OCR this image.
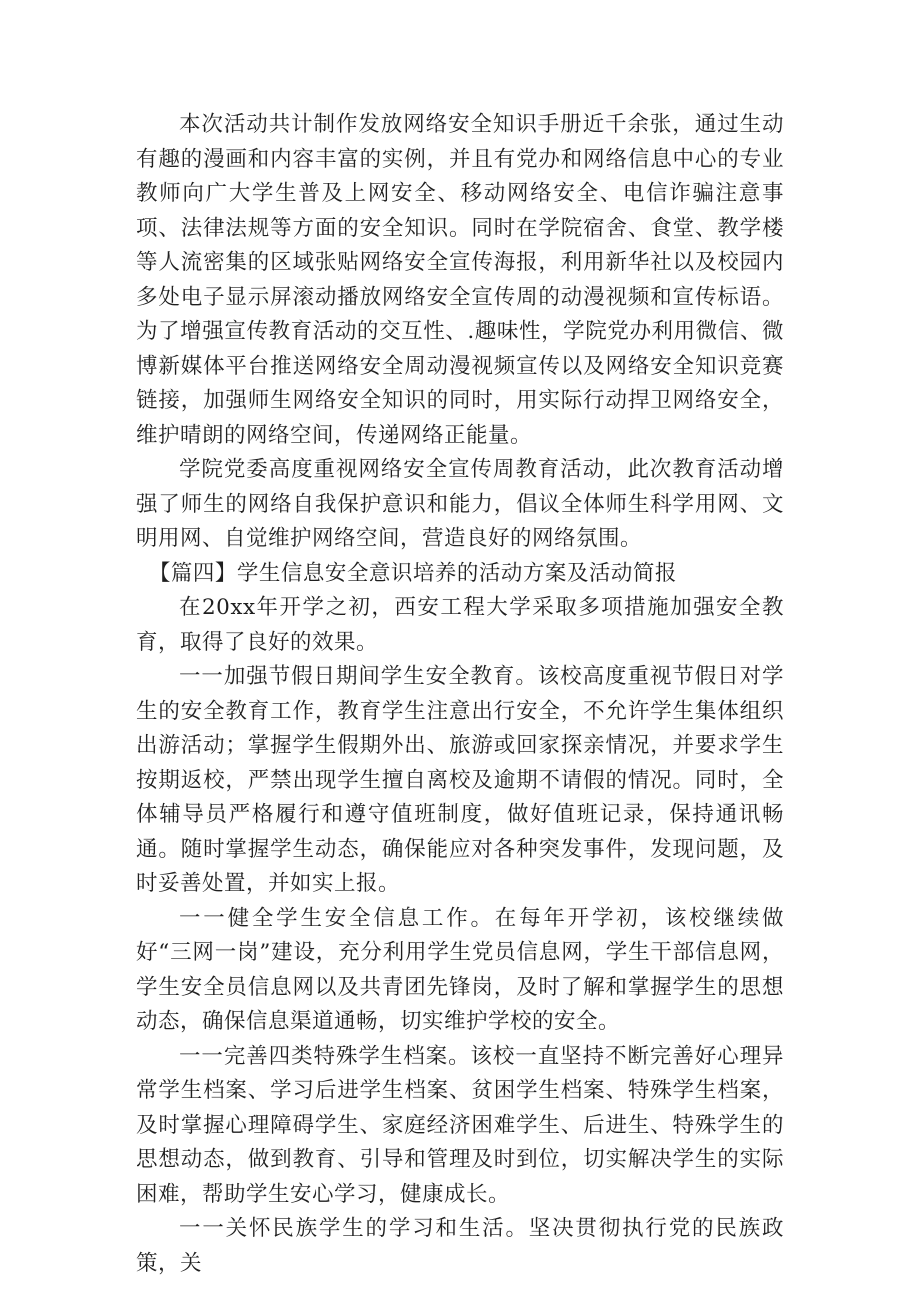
本次活动共计制作发放网络安全知识手册近千余张，通过生动有趣的漫画和内容丰富的实例，并且有党办和网络信息中心的专业教师向广大学生普及上网安全、移动网络安全、电信诈骗注意事项、法律法规等方面的安全知识。同时在学院宿舍、食堂、教学楼等人流密集的区域张贴网络安全宣传海报，利用新华社以及校园内多处电子显示屏滚动播放网络安全宣传周的动漫视频和宣传标语。为了增强宣传教育活动的交互性、.趣味性，学院党办利用微信、微博新媒体平台推送网络安全周动漫视频宣传以及网络安全知识竞赛链接，加强师生网络安全知识的同时，用实际行动捍卫网络安全，维护晴朗的网络空间，传递网络正能量。

学院党委高度重视网络安全宣传周教育活动，此次教育活动增强了师生的网络自我保护意识和能力，倡议全体师生科学用网、文明用网、自觉维护网络空间，营造良好的网络氛围。

【篇四】学生信息安全意识培养的活动方案及活动简报

在20xx年开学之初，西安工程大学采取多项措施加强安全教育，取得了良好的效果。

一一加强节假日期间学生安全教育。该校高度重视节假日对学生的安全教育工作，教育学生注意出行安全，不允许学生集体组织出游活动；掌握学生假期外出、旅游或回家探亲情况，并要求学生按期返校，严禁出现学生擅自离校及逾期不请假的情况。同时，全体辅导员严格履行和遵守值班制度，做好值班记录，保持通讯畅通。随时掌握学生动态，确保能应对各种突发事件，发现问题，及时妥善处置，并如实上报。

一一健全学生安全信息工作。在每年开学初，该校继续做好“三网一岗”建设，充分利用学生党员信息网，学生干部信息网，学生安全员信息网以及共青团先锋岗，及时了解和掌握学生的思想动态，确保信息渠道通畅，切实维护学校的安全。

一一完善四类特殊学生档案。该校一直坚持不断完善好心理异常学生档案、学习后进学生档案、贫困学生档案、特殊学生档案，及时掌握心理障碍学生、家庭经济困难学生、后进生、特殊学生的思想动态，做到教育、引导和管理及时到位，切实解决学生的实际困难，帮助学生安心学习，健康成长。

一一关怀民族学生的学习和生活。坚决贯彻执行党的民族政策，关
